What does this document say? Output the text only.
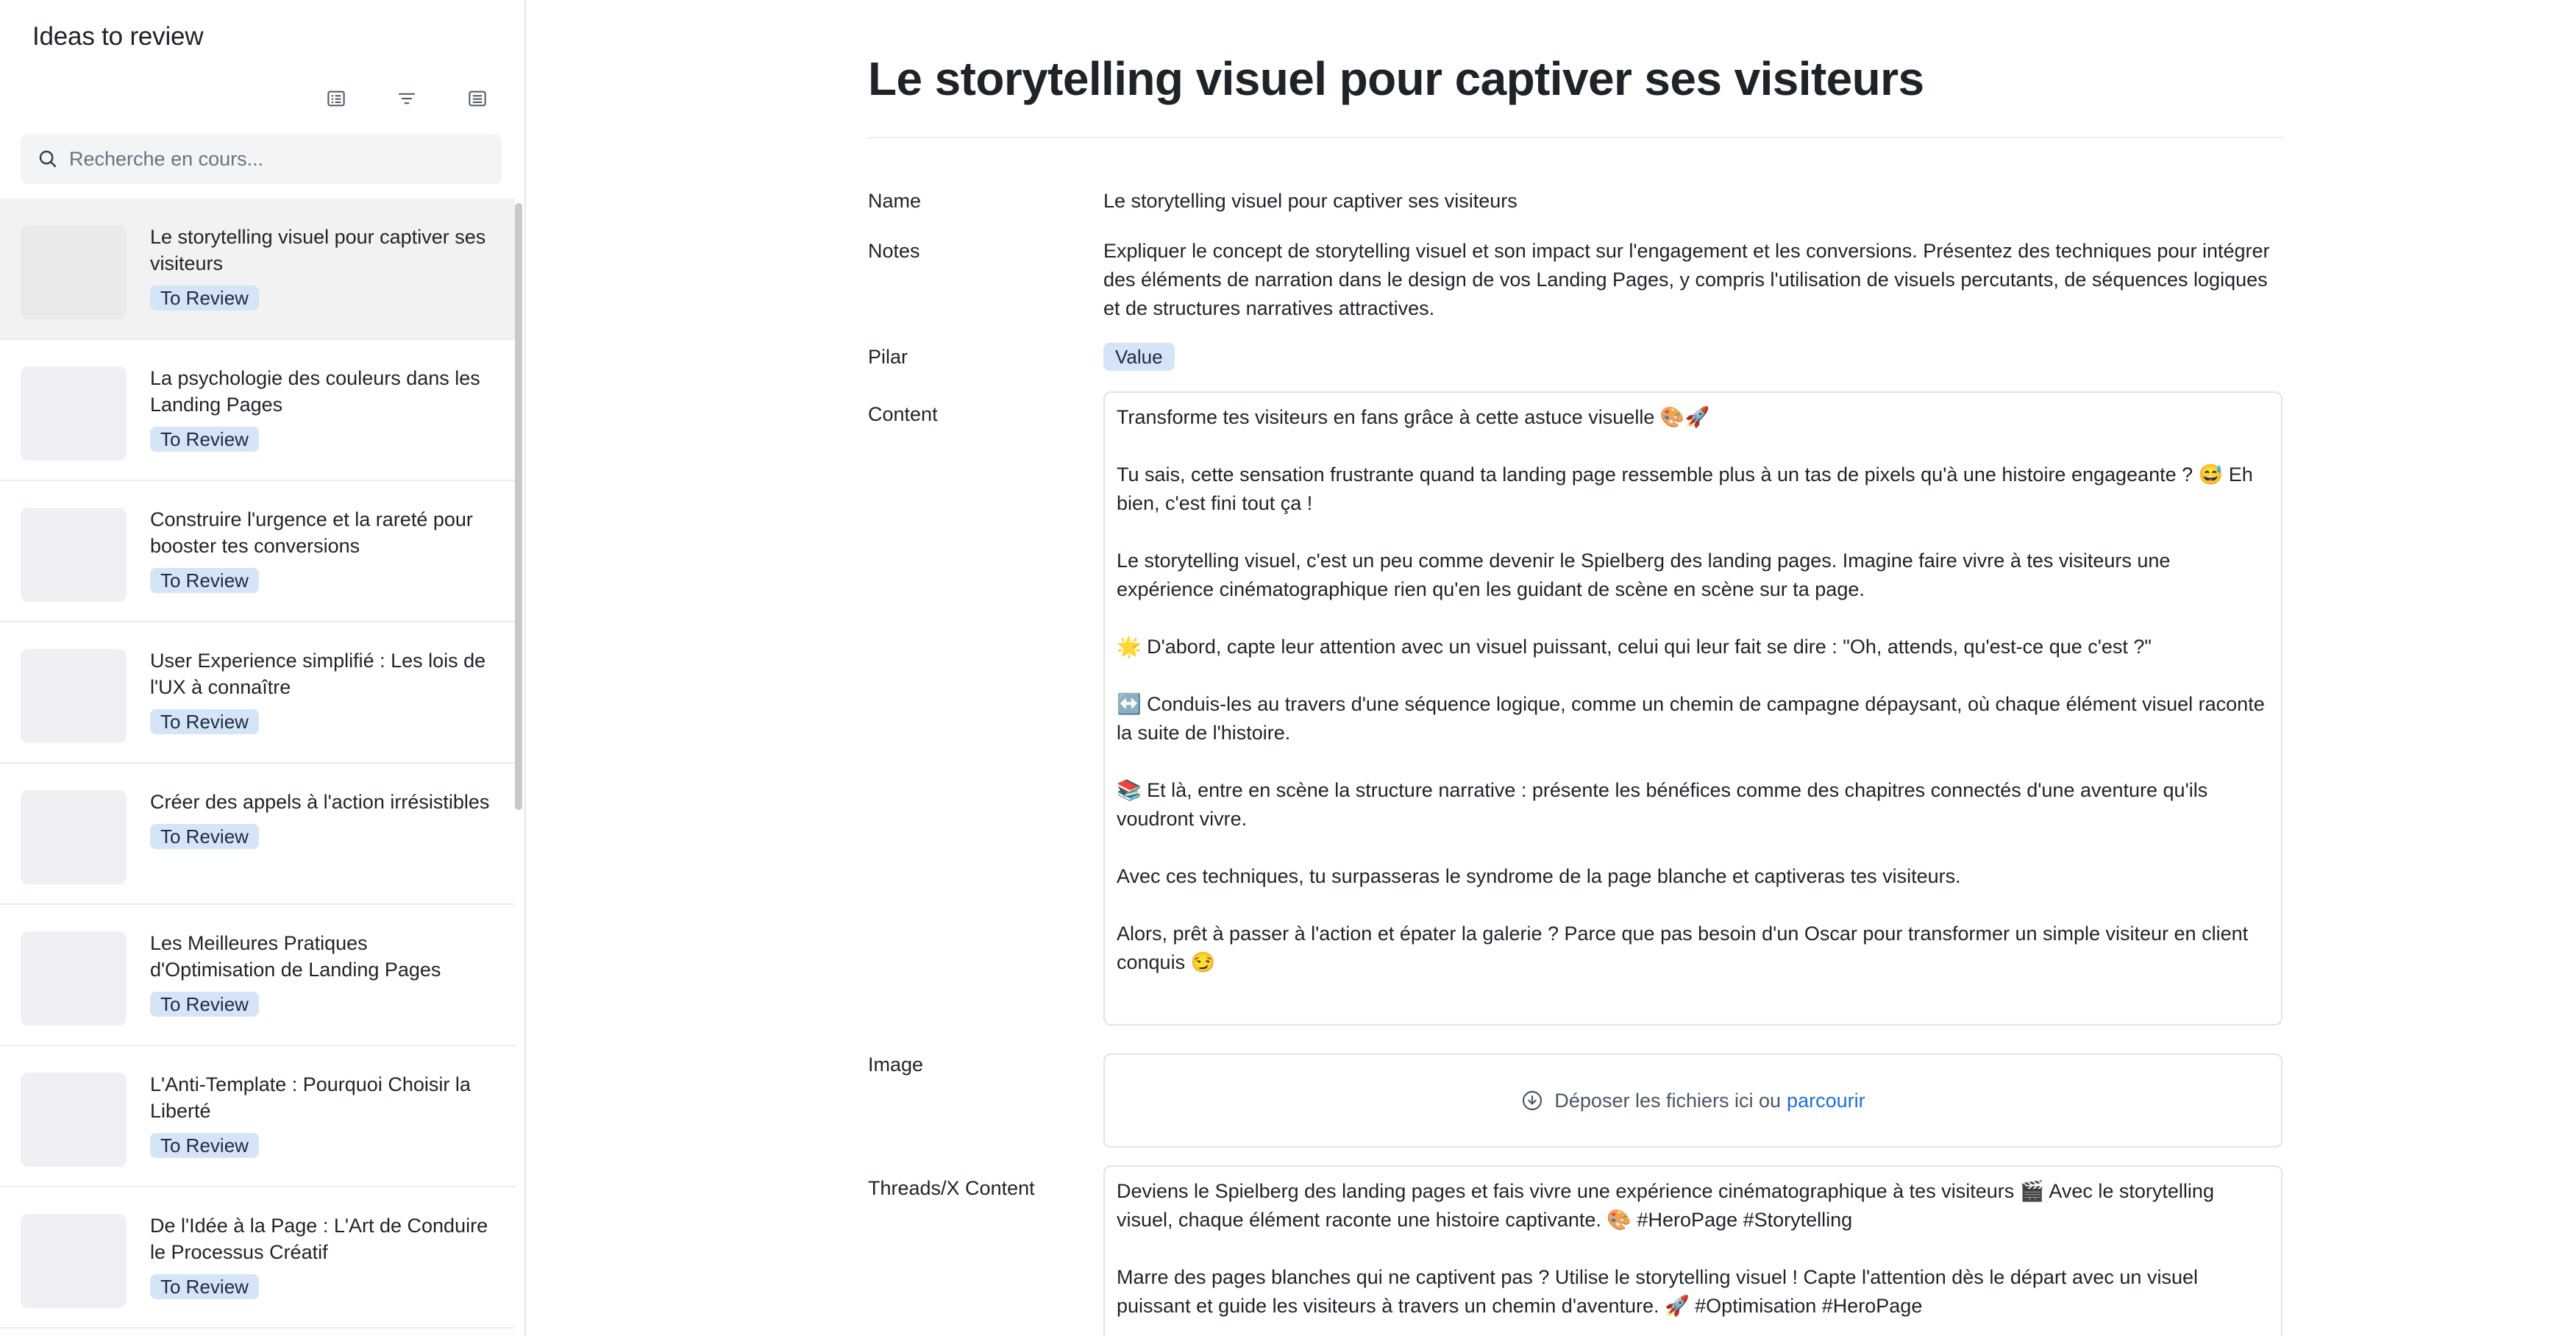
Ideas to review
Recherche en cours...
Le storytelling visuel pour captiver ses visiteurs
To Review
La psychologie des couleurs dans les Landing Pages
To Review
Construire l'urgence et la rareté pour booster tes conversions
To Review
User Experience simplifié : Les lois de l'UX à connaître
To Review
Créer des appels à l'action irrésistibles
To Review
Les Meilleures Pratiques d'Optimisation de Landing Pages
To Review
L'Anti-Template : Pourquoi Choisir la Liberté
To Review
De l'Idée à la Page : L'Art de Conduire le Processus Créatif
To Review
Le storytelling visuel pour captiver ses visiteurs
Name	Le storytelling visuel pour captiver ses visiteurs
Notes	Expliquer le concept de storytelling visuel et son impact sur l'engagement et les conversions. Présentez des techniques pour intégrer des éléments de narration dans le design de vos Landing Pages, y compris l'utilisation de visuels percutants, de séquences logiques et de structures narratives attractives.
Pilar	Value
Content	Transforme tes visiteurs en fans grâce à cette astuce visuelle 🎨🚀

Tu sais, cette sensation frustrante quand ta landing page ressemble plus à un tas de pixels qu'à une histoire engageante ? 😅 Eh bien, c'est fini tout ça !

Le storytelling visuel, c'est un peu comme devenir le Spielberg des landing pages. Imagine faire vivre à tes visiteurs une expérience cinématographique rien qu'en les guidant de scène en scène sur ta page.

🌟 D'abord, capte leur attention avec un visuel puissant, celui qui leur fait se dire : "Oh, attends, qu'est-ce que c'est ?"

↔️ Conduis-les au travers d'une séquence logique, comme un chemin de campagne dépaysant, où chaque élément visuel raconte la suite de l'histoire.

📚 Et là, entre en scène la structure narrative : présente les bénéfices comme des chapitres connectés d'une aventure qu'ils voudront vivre.

Avec ces techniques, tu surpasseras le syndrome de la page blanche et captiveras tes visiteurs.

Alors, prêt à passer à l'action et épater la galerie ? Parce que pas besoin d'un Oscar pour transformer un simple visiteur en client conquis 😏

Image
Déposer les fichiers ici ou parcourir
Threads/X Content	Deviens le Spielberg des landing pages et fais vivre une expérience cinématographique à tes visiteurs 🎬 Avec le storytelling visuel, chaque élément raconte une histoire captivante. 🎨 #HeroPage #Storytelling

Marre des pages blanches qui ne captivent pas ? Utilise le storytelling visuel ! Capte l'attention dès le départ avec un visuel puissant et guide les visiteurs à travers un chemin d'aventure. 🚀 #Optimisation #HeroPage
